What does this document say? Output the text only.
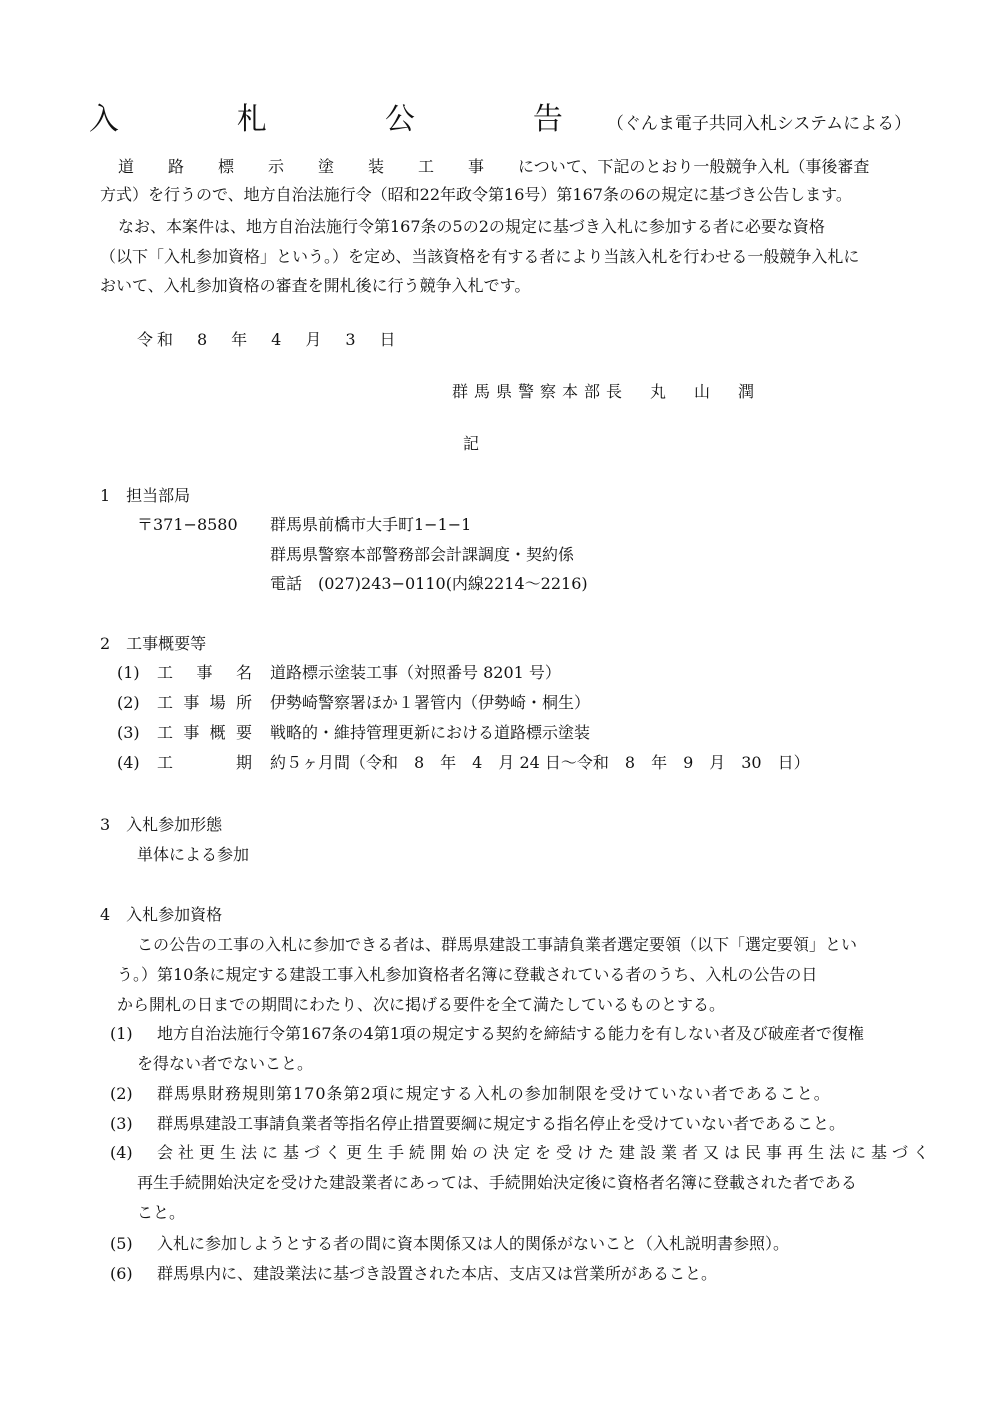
入　札　公　告（ぐんま電子共同入札システムによる）
道路標示塗装工事について、下記のとおり一般競争入札（事後審査
方式）を行うので、地方自治法施行令（昭和22年政令第16号）第167条の6の規定に基づき公告します。
なお、本案件は、地方自治法施行令第167条の5の2の規定に基づき入札に参加する者に必要な資格
（以下「入札参加資格」という。）を定め、当該資格を有する者により当該入札を行わせる一般競争入札に
おいて、入札参加資格の審査を開札後に行う競争入札です。
令和　8　年　4　月　3　日
群馬県警察本部長　丸　山　潤
記
1　担当部局
〒371−8580 群馬県前橋市大手町1−1−1
群馬県警察本部警務部会計課調度・契約係
電話　(027)243−0110(内線2214～2216)
2　工事概要等
(1) 工事名 道路標示塗装工事（対照番号 8201 号）
(2) 工事場所 伊勢崎警察署ほか１署管内（伊勢崎・桐生）
(3) 工事概要 戦略的・維持管理更新における道路標示塗装
(4) 工期 約５ヶ月間（令和　8　年　4　月 24 日～令和　8　年　9　月　30　日）
3　入札参加形態
単体による参加
4　入札参加資格
この公告の工事の入札に参加できる者は、群馬県建設工事請負業者選定要領（以下「選定要領」とい
う。）第10条に規定する建設工事入札参加資格者名簿に登載されている者のうち、入札の公告の日
から開札の日までの期間にわたり、次に掲げる要件を全て満たしているものとする。
(1) 地方自治法施行令第167条の4第1項の規定する契約を締結する能力を有しない者及び破産者で復権
を得ない者でないこと。
(2) 群馬県財務規則第170条第2項に規定する入札の参加制限を受けていない者であること。
(3) 群馬県建設工事請負業者等指名停止措置要綱に規定する指名停止を受けていない者であること。
(4) 会社更生法に基づく更生手続開始の決定を受けた建設業者又は民事再生法に基づく
再生手続開始決定を受けた建設業者にあっては、手続開始決定後に資格者名簿に登載された者である
こと。
(5) 入札に参加しようとする者の間に資本関係又は人的関係がないこと（入札説明書参照）。
(6) 群馬県内に、建設業法に基づき設置された本店、支店又は営業所があること。
